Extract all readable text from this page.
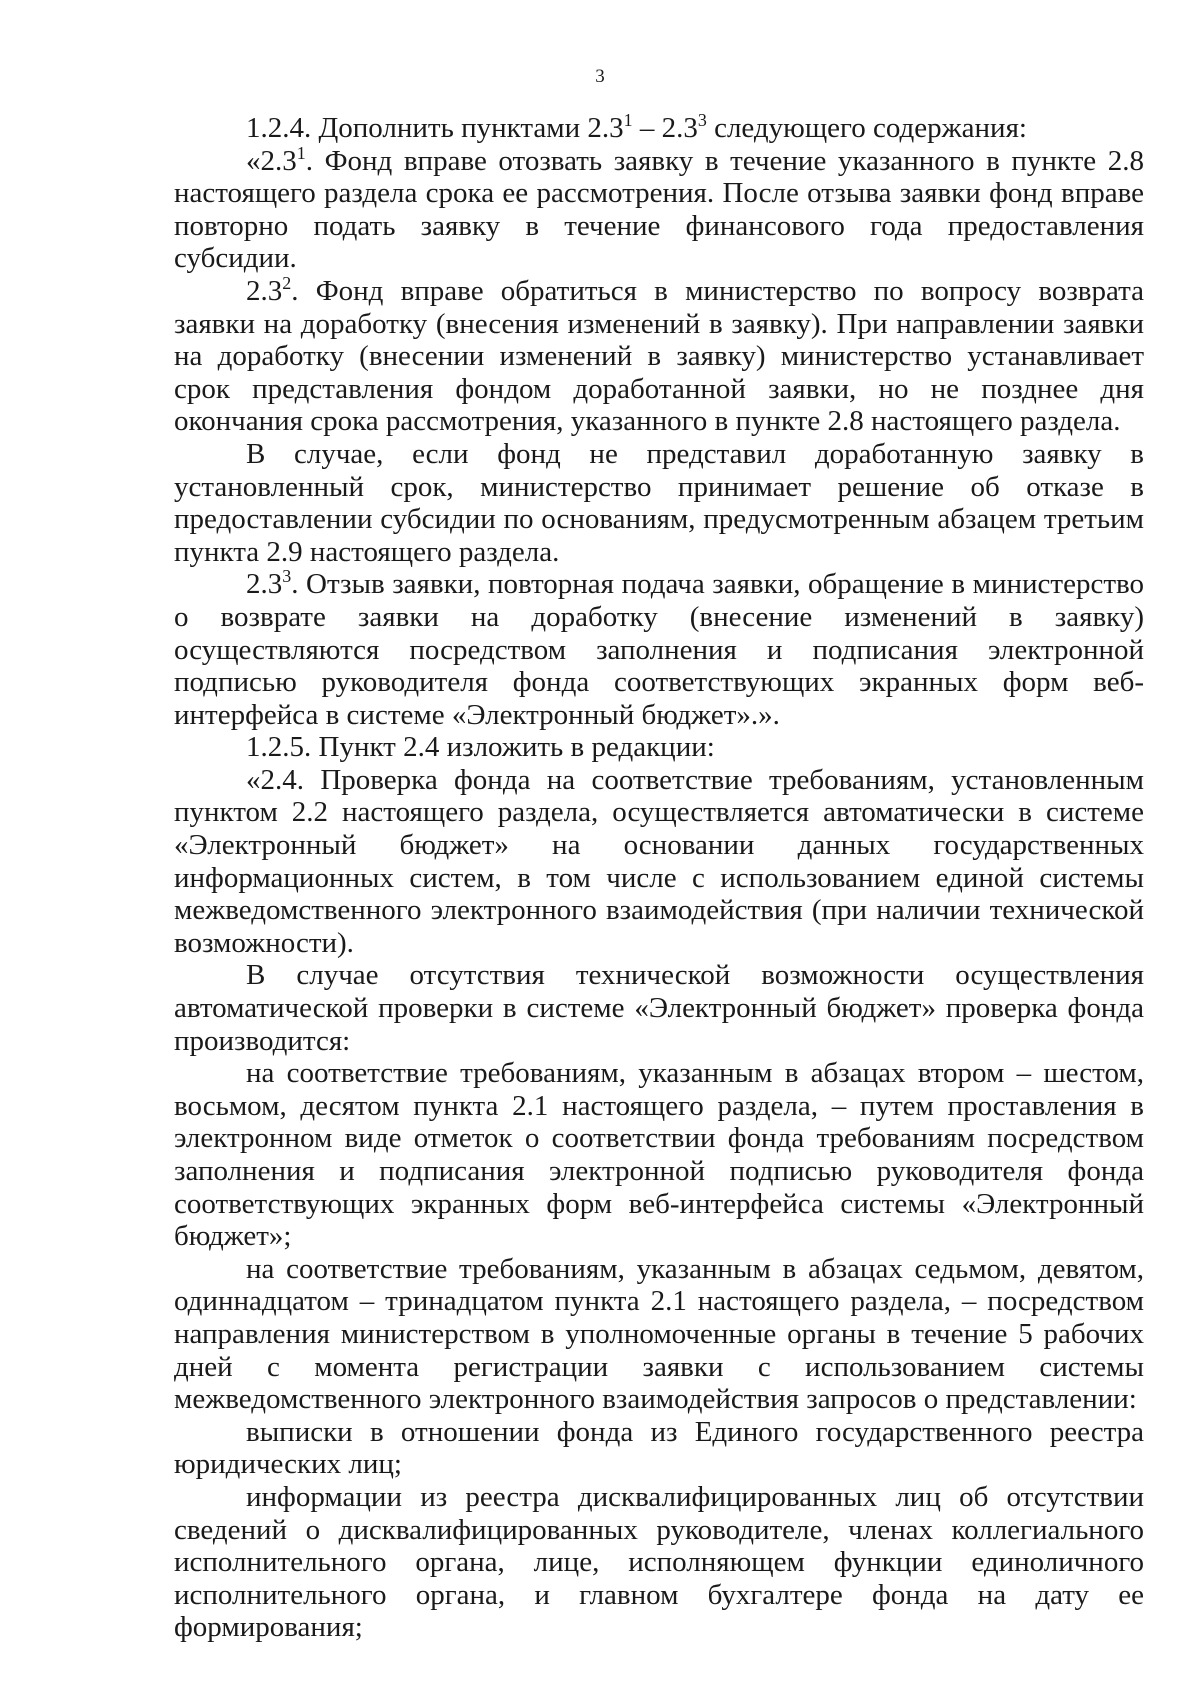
3

1.2.4. Дополнить пунктами $2.3^1 - 2.3^3$ следующего содержания:

«$2.3^1$. Фонд вправе отозвать заявку в течение указанного в пункте 2.8 настоящего раздела срока ее рассмотрения. После отзыва заявки фонд вправе повторно подать заявку в течение финансового года предоставления субсидии.

$2.3^2$. Фонд вправе обратиться в министерство по вопросу возврата заявки на доработку (внесения изменений в заявку). При направлении заявки на доработку (внесении изменений в заявку) министерство устанавливает срок представления фондом доработанной заявки, но не позднее дня окончания срока рассмотрения, указанного в пункте 2.8 настоящего раздела.

В случае, если фонд не представил доработанную заявку в установленный срок, министерство принимает решение об отказе в предоставлении субсидии по основаниям, предусмотренным абзацем третьим пункта 2.9 настоящего раздела.

$2.3^3$. Отзыв заявки, повторная подача заявки, обращение в министерство о возврате заявки на доработку (внесение изменений в заявку) осуществляются посредством заполнения и подписания электронной подписью руководителя фонда соответствующих экранных форм веб-интерфейса в системе «Электронный бюджет».».

1.2.5. Пункт 2.4 изложить в редакции:

«2.4. Проверка фонда на соответствие требованиям, установленным пунктом 2.2 настоящего раздела, осуществляется автоматически в системе «Электронный бюджет» на основании данных государственных информационных систем, в том числе с использованием единой системы межведомственного электронного взаимодействия (при наличии технической возможности).

В случае отсутствия технической возможности осуществления автоматической проверки в системе «Электронный бюджет» проверка фонда производится:

на соответствие требованиям, указанным в абзацах втором – шестом, восьмом, десятом пункта 2.1 настоящего раздела, – путем проставления в электронном виде отметок о соответствии фонда требованиям посредством заполнения и подписания электронной подписью руководителя фонда соответствующих экранных форм веб-интерфейса системы «Электронный бюджет»;

на соответствие требованиям, указанным в абзацах седьмом, девятом, одиннадцатом – тринадцатом пункта 2.1 настоящего раздела, – посредством направления министерством в уполномоченные органы в течение 5 рабочих дней с момента регистрации заявки с использованием системы межведомственного электронного взаимодействия запросов о представлении:

выписки в отношении фонда из Единого государственного реестра юридических лиц;

информации из реестра дисквалифицированных лиц об отсутствии сведений о дисквалифицированных руководителе, членах коллегиального исполнительного органа, лице, исполняющем функции единоличного исполнительного органа, и главном бухгалтере фонда на дату ее формирования;
